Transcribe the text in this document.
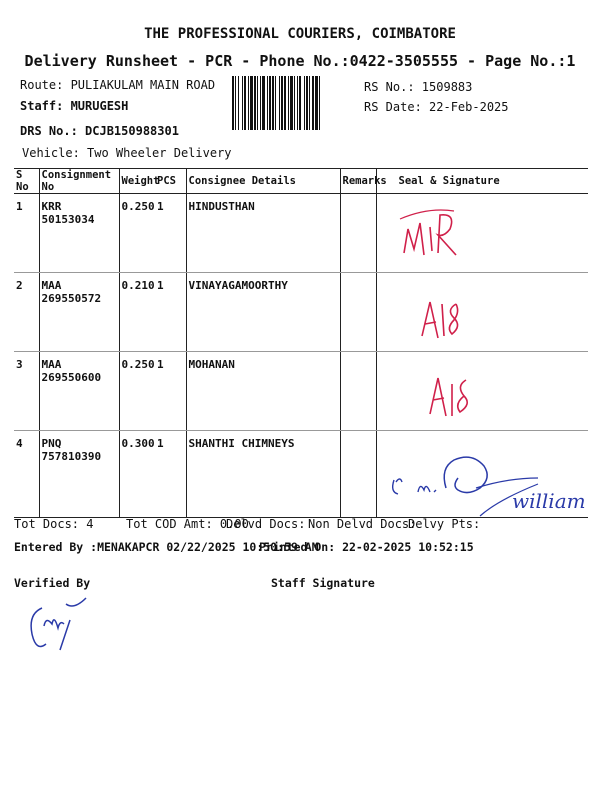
THE PROFESSIONAL COURIERS, COIMBATORE
Delivery Runsheet - PCR - Phone No.:0422-3505555 - Page No.:1
Route: PULIAKULAM MAIN ROAD
Staff: MURUGESH
DRS No.: DCJB150988301
Vehicle: Two Wheeler Delivery
RS No.: 1509883
RS Date: 22-Feb-2025
S No	Consignment No	Weight	PCS	Consignee Details	Remarks	Seal & Signature
1	KRR 50153034	0.250	1	HINDUSTHAN		
2	MAA 269550572	0.210	1	VINAYAGAMOORTHY		
3	MAA 269550600	0.250	1	MOHANAN		
4	PNQ 757810390	0.300	1	SHANTHI CHIMNEYS		
william
Tot Docs: 4	Tot COD Amt: 0.00
Delvd Docs: Non Delvd Docs:
Delvy Pts:
Entered By :MENAKAPCR 02/22/2025 10:50:59 AM
Printed On: 22-02-2025 10:52:15
Verified By	Staff Signature
